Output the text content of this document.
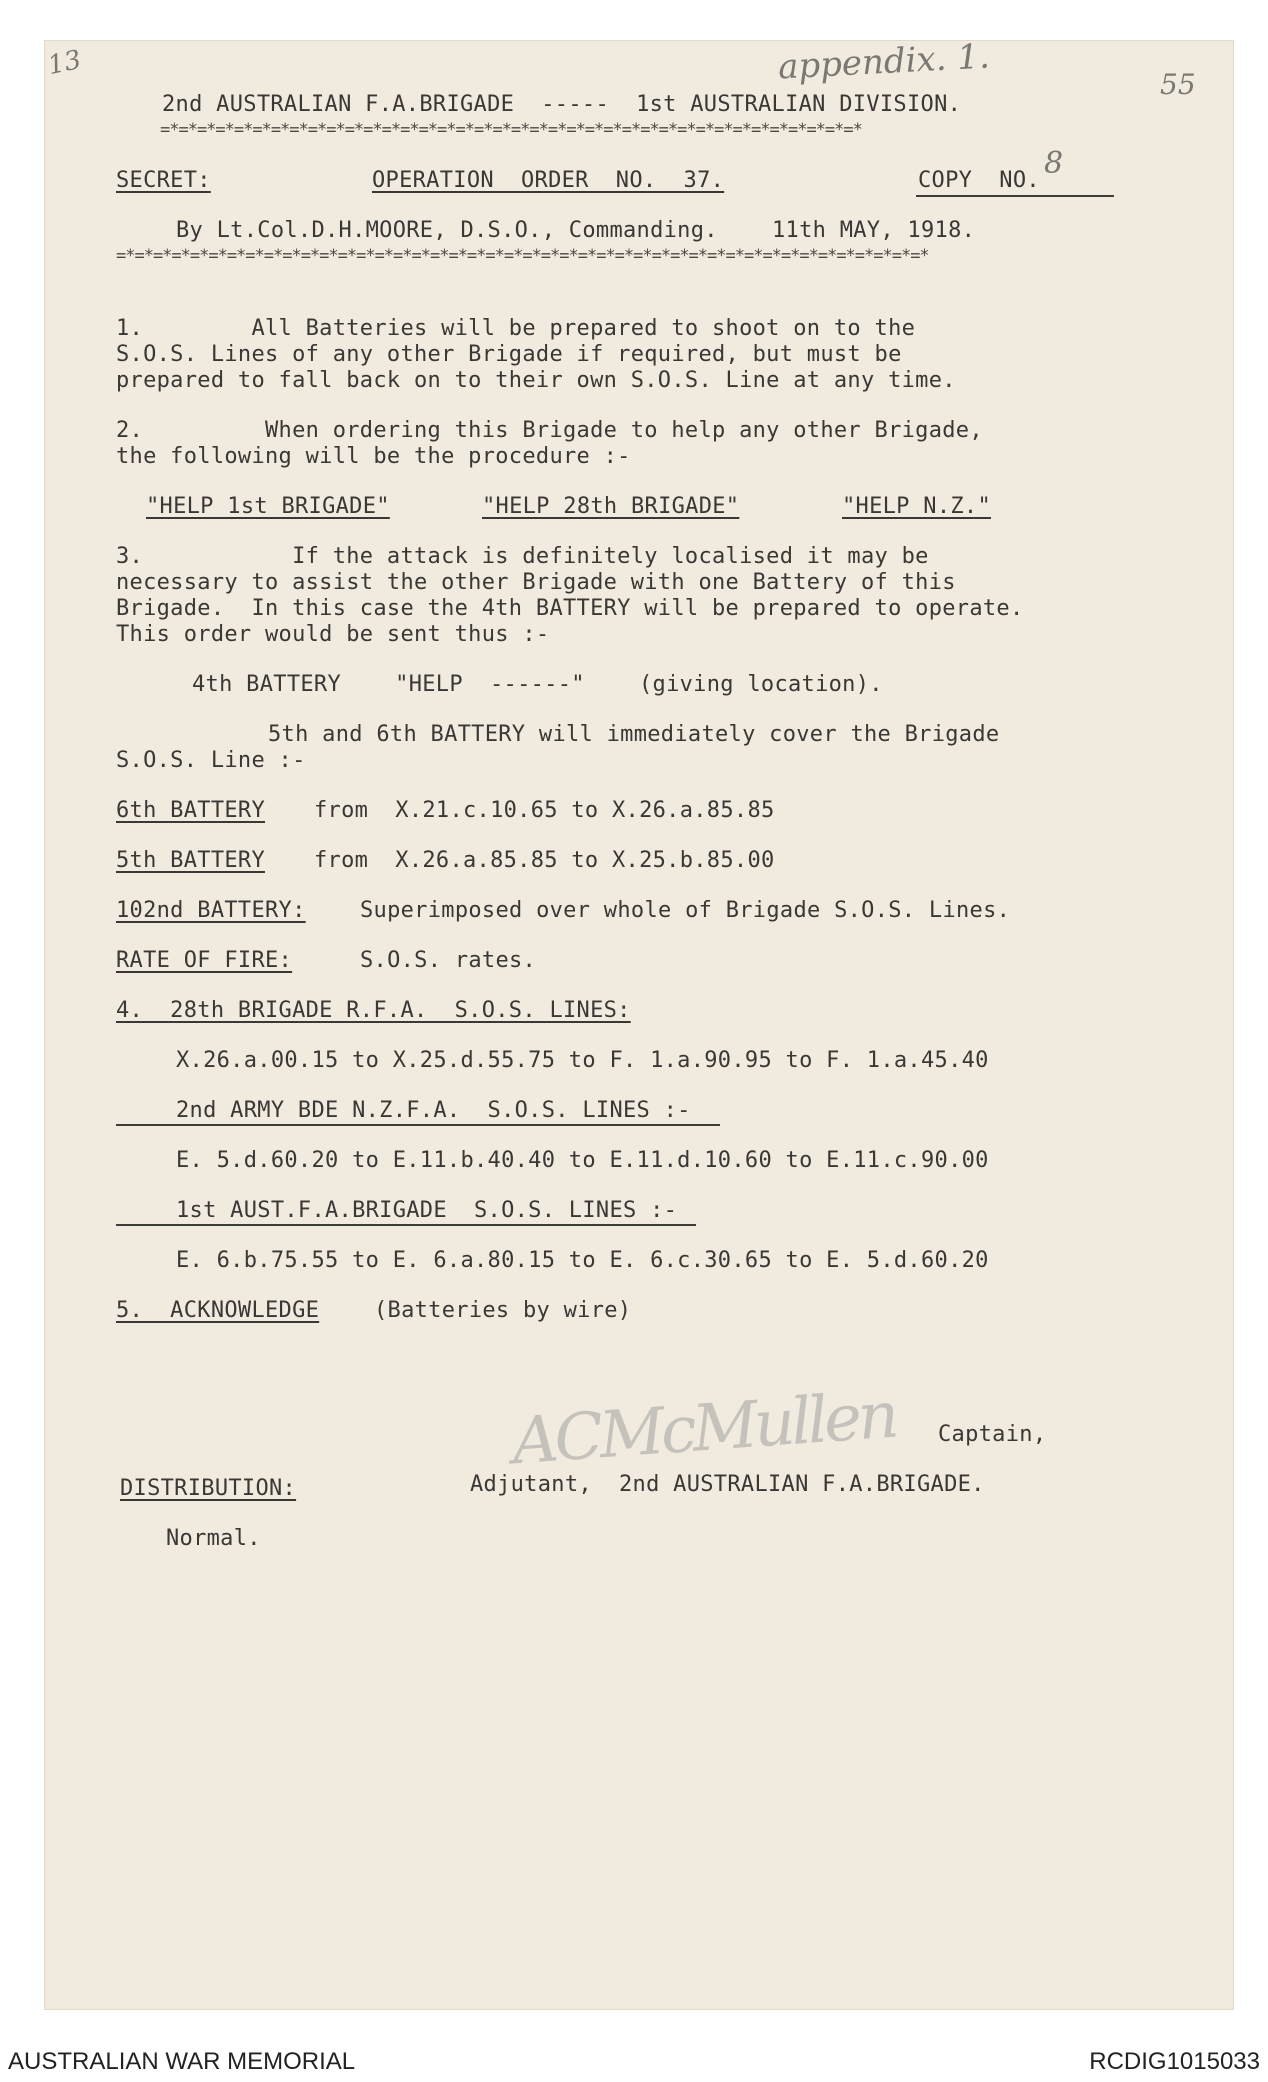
13	appendix. 1.	55
2nd AUSTRALIAN F.A.BRIGADE  -----  1st AUSTRALIAN DIVISION.
=*=*=*=*=*=*=*=*=*=*=*=*=*=*=*=*=*=*=*=*=*=*=*=*=*=*=*=*=*=*=*=*=*=*=*=*=*=*
SECRET:	OPERATION  ORDER  NO.  37.	COPY  NO. 8
By Lt.Col.D.H.MOORE, D.S.O., Commanding.    11th MAY, 1918.
=*=*=*=*=*=*=*=*=*=*=*=*=*=*=*=*=*=*=*=*=*=*=*=*=*=*=*=*=*=*=*=*=*=*=*=*=*=*=*=*=*=*=*=*
1.        All Batteries will be prepared to shoot on to the
S.O.S. Lines of any other Brigade if required, but must be
prepared to fall back on to their own S.O.S. Line at any time.
2.         When ordering this Brigade to help any other Brigade,
the following will be the procedure :-
"HELP 1st BRIGADE"	"HELP 28th BRIGADE"	"HELP N.Z."
3.           If the attack is definitely localised it may be
necessary to assist the other Brigade with one Battery of this
Brigade.  In this case the 4th BATTERY will be prepared to operate.
This order would be sent thus :-
4th BATTERY    "HELP  ------"    (giving location).
5th and 6th BATTERY will immediately cover the Brigade
S.O.S. Line :-
6th BATTERY from  X.21.c.10.65 to X.26.a.85.85
5th BATTERY from  X.26.a.85.85 to X.25.b.85.00
102nd BATTERY: Superimposed over whole of Brigade S.O.S. Lines.
RATE OF FIRE:	S.O.S. rates.
4.  28th BRIGADE R.F.A.  S.O.S. LINES:
X.26.a.00.15 to X.25.d.55.75 to F. 1.a.90.95 to F. 1.a.45.40
2nd ARMY BDE N.Z.F.A.  S.O.S. LINES :-
E. 5.d.60.20 to E.11.b.40.40 to E.11.d.10.60 to E.11.c.90.00
1st AUST.F.A.BRIGADE  S.O.S. LINES :-
E. 6.b.75.55 to E. 6.a.80.15 to E. 6.c.30.65 to E. 5.d.60.20
5.  ACKNOWLEDGE (Batteries by wire)
ACMcMullen Captain,
Adjutant,  2nd AUSTRALIAN F.A.BRIGADE.
DISTRIBUTION:
Normal.
AUSTRALIAN WAR MEMORIAL	RCDIG1015033
